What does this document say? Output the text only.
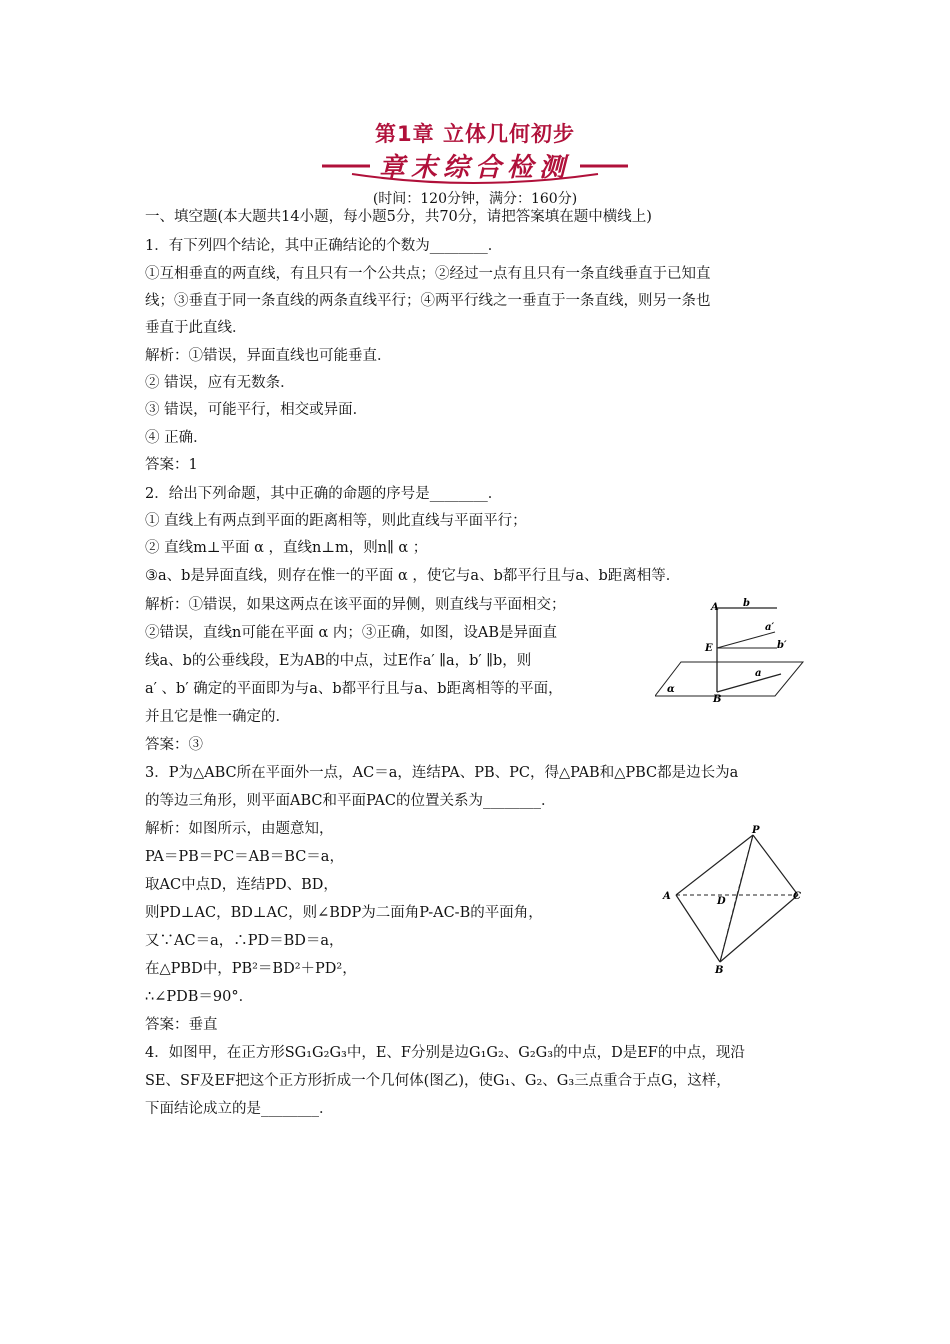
第1章 立体几何初步
章末综合检测
(时间：120分钟，满分：160分)
一、填空题(本大题共14小题，每小题5分，共70分，请把答案填在题中横线上)
1．有下列四个结论，其中正确结论的个数为________．
①互相垂直的两直线，有且只有一个公共点；②经过一点有且只有一条直线垂直于已知直
线；③垂直于同一条直线的两条直线平行；④两平行线之一垂直于一条直线，则另一条也
垂直于此直线．
解析：①错误，异面直线也可能垂直．
② 错误，应有无数条．
③ 错误，可能平行，相交或异面．
④ 正确．
答案：1
2．给出下列命题，其中正确的命题的序号是________．
① 直线上有两点到平面的距离相等，则此直线与平面平行；
② 直线m⊥平面 α ，直线n⊥m，则n∥ α ；
③a、b是异面直线，则存在惟一的平面 α ，使它与a、b都平行且与a、b距离相等．
解析：①错误，如果这两点在该平面的异侧，则直线与平面相交；
②错误，直线n可能在平面 α 内；③正确，如图，设AB是异面直
线a、b的公垂线段，E为AB的中点，过E作a′ ∥a，b′ ∥b，则
a′ 、b′ 确定的平面即为与a、b都平行且与a、b距离相等的平面，
并且它是惟一确定的．
答案：③
3．P为△ABC所在平面外一点，AC＝a，连结PA、PB、PC，得△PAB和△PBC都是边长为a
的等边三角形，则平面ABC和平面PAC的位置关系为________．
解析：如图所示，由题意知，
PA＝PB＝PC＝AB＝BC＝a，
取AC中点D，连结PD、BD，
则PD⊥AC，BD⊥AC，则∠BDP为二面角P-AC-B的平面角，
又∵AC＝a，∴PD＝BD＝a，
在△PBD中，PB²＝BD²＋PD²，
∴∠PDB＝90°．
答案：垂直
4．如图甲，在正方形SG₁G₂G₃中，E、F分别是边G₁G₂、G₂G₃的中点，D是EF的中点，现沿
SE、SF及EF把这个正方形折成一个几何体(图乙)，使G₁、G₂、G₃三点重合于点G，这样，
下面结论成立的是________．
A b
a′
E	b′
a
α
B
P
A	D	C
B
